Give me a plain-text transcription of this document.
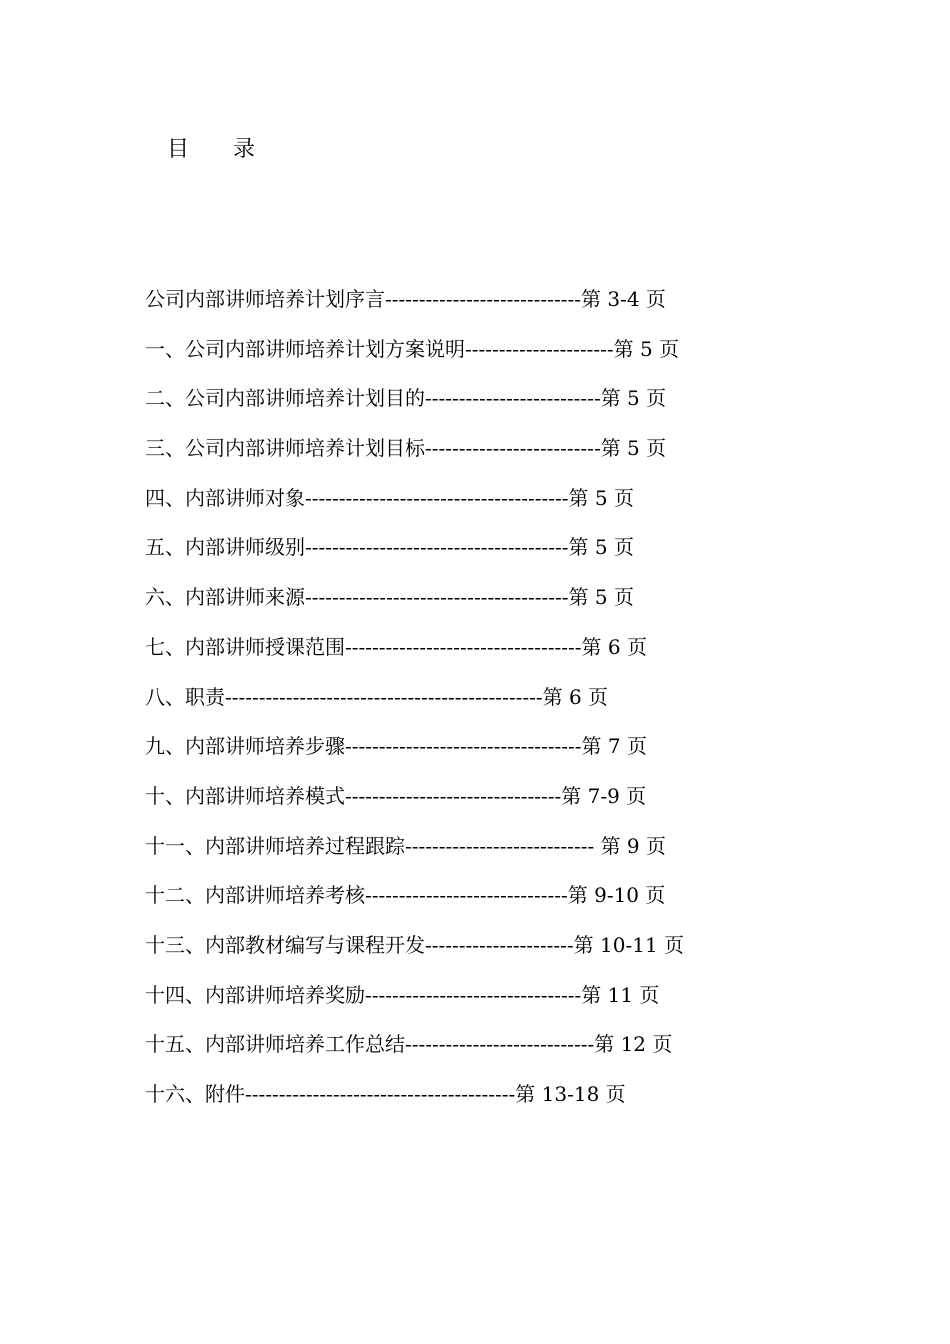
目　　录
公司内部讲师培养计划序言-----------------------------第 3-4 页
一、公司内部讲师培养计划方案说明----------------------第 5 页
二、公司内部讲师培养计划目的--------------------------第 5 页
三、公司内部讲师培养计划目标--------------------------第 5 页
四、内部讲师对象---------------------------------------第 5 页
五、内部讲师级别---------------------------------------第 5 页
六、内部讲师来源---------------------------------------第 5 页
七、内部讲师授课范围-----------------------------------第 6 页
八、职责-----------------------------------------------第 6 页
九、内部讲师培养步骤-----------------------------------第 7 页
十、内部讲师培养模式--------------------------------第 7-9 页
十一、内部讲师培养过程跟踪---------------------------- 第 9 页
十二、内部讲师培养考核------------------------------第 9-10 页
十三、内部教材编写与课程开发----------------------第 10-11 页
十四、内部讲师培养奖励--------------------------------第 11 页
十五、内部讲师培养工作总结----------------------------第 12 页
十六、附件----------------------------------------第 13-18 页
